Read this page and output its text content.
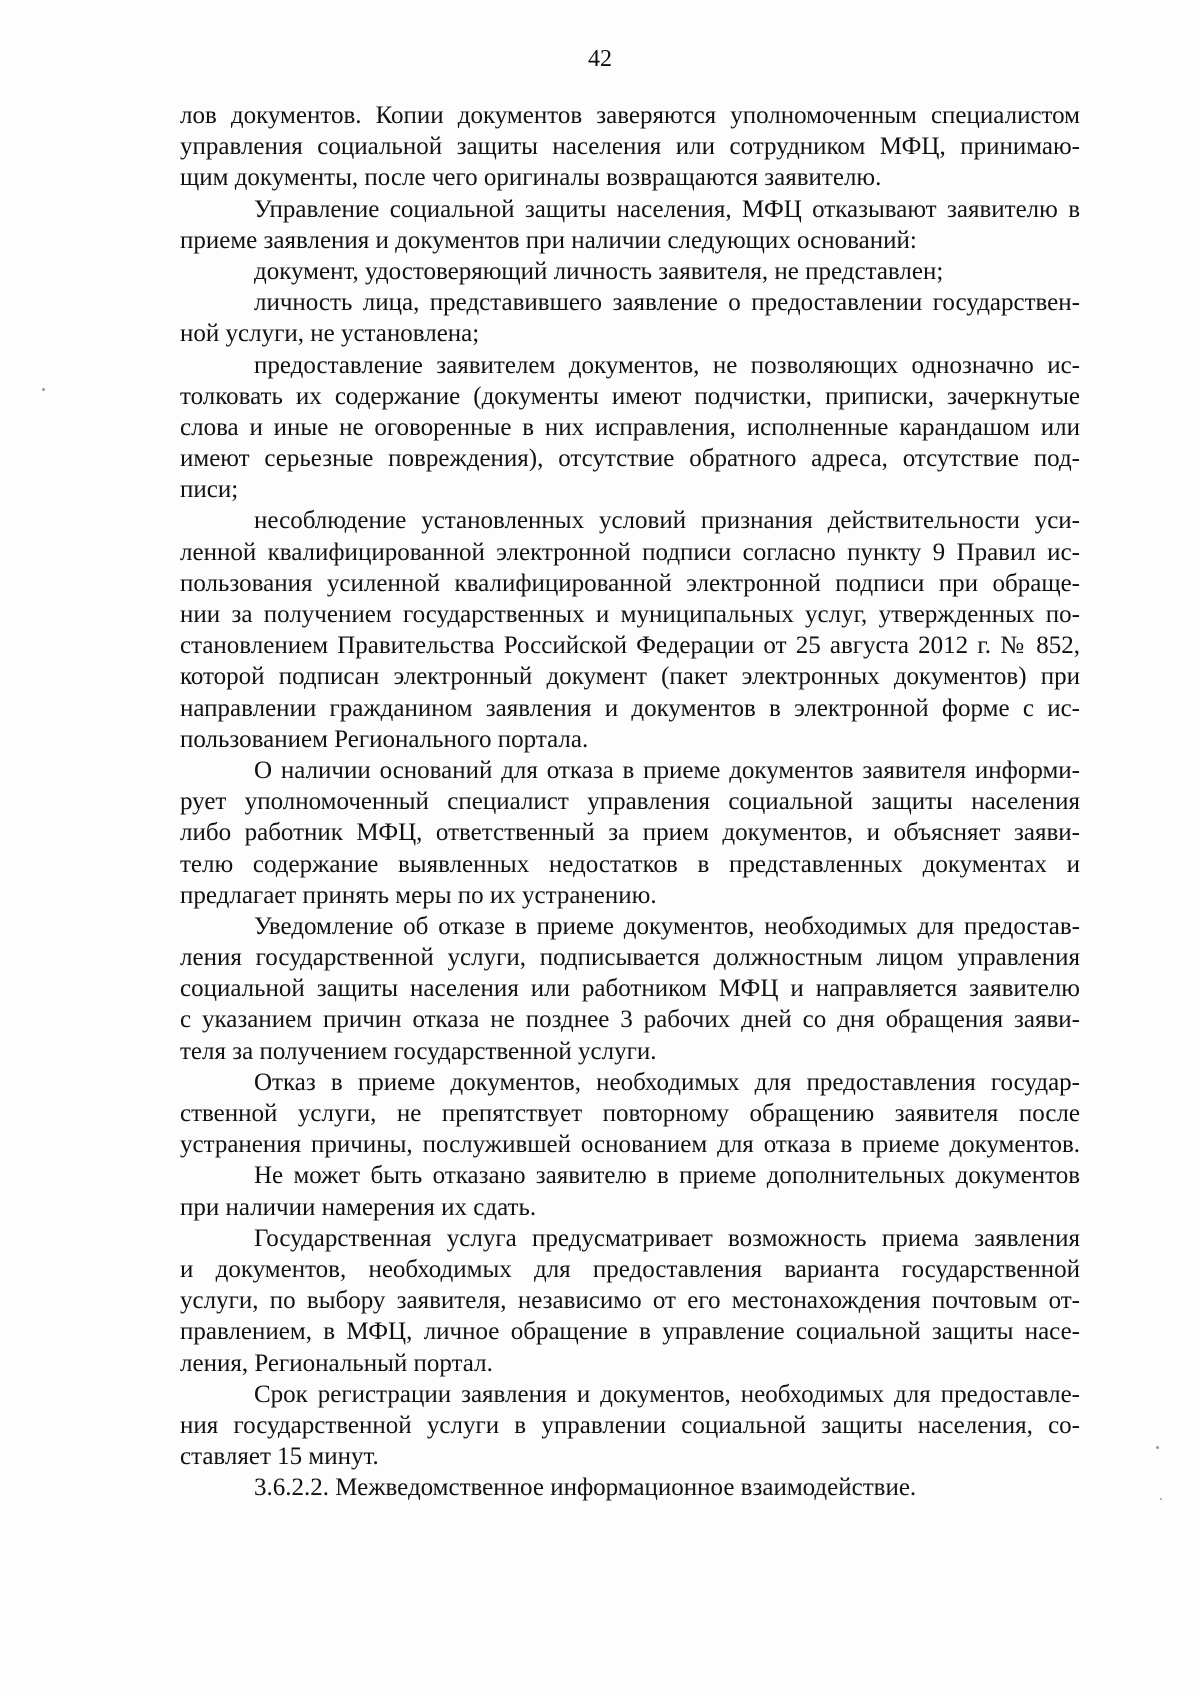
42
лов документов. Копии документов заверяются уполномоченным специалистом
управления социальной защиты населения или сотрудником МФЦ, принимаю-
щим документы, после чего оригиналы возвращаются заявителю.
Управление социальной защиты населения, МФЦ отказывают заявителю в
приеме заявления и документов при наличии следующих оснований:
документ, удостоверяющий личность заявителя, не представлен;
личность лица, представившего заявление о предоставлении государствен-
ной услуги, не установлена;
предоставление заявителем документов, не позволяющих однозначно ис-
толковать их содержание (документы имеют подчистки, приписки, зачеркнутые
слова и иные не оговоренные в них исправления, исполненные карандашом или
имеют серьезные повреждения), отсутствие обратного адреса, отсутствие под-
писи;
несоблюдение установленных условий признания действительности уси-
ленной квалифицированной электронной подписи согласно пункту 9 Правил ис-
пользования усиленной квалифицированной электронной подписи при обраще-
нии за получением государственных и муниципальных услуг, утвержденных по-
становлением Правительства Российской Федерации от 25 августа 2012 г. № 852,
которой подписан электронный документ (пакет электронных документов) при
направлении гражданином заявления и документов в электронной форме с ис-
пользованием Регионального портала.
О наличии оснований для отказа в приеме документов заявителя информи-
рует уполномоченный специалист управления социальной защиты населения
либо работник МФЦ, ответственный за прием документов, и объясняет заяви-
телю содержание выявленных недостатков в представленных документах и
предлагает принять меры по их устранению.
Уведомление об отказе в приеме документов, необходимых для предостав-
ления государственной услуги, подписывается должностным лицом управления
социальной защиты населения или работником МФЦ и направляется заявителю
с указанием причин отказа не позднее 3 рабочих дней со дня обращения заяви-
теля за получением государственной услуги.
Отказ в приеме документов, необходимых для предоставления государ-
ственной услуги, не препятствует повторному обращению заявителя после
устранения причины, послужившей основанием для отказа в приеме документов.
Не может быть отказано заявителю в приеме дополнительных документов
при наличии намерения их сдать.
Государственная услуга предусматривает возможность приема заявления
и документов, необходимых для предоставления варианта государственной
услуги, по выбору заявителя, независимо от его местонахождения почтовым от-
правлением, в МФЦ, личное обращение в управление социальной защиты насе-
ления, Региональный портал.
Срок регистрации заявления и документов, необходимых для предоставле-
ния государственной услуги в управлении социальной защиты населения, со-
ставляет 15 минут.
3.6.2.2. Межведомственное информационное взаимодействие.
